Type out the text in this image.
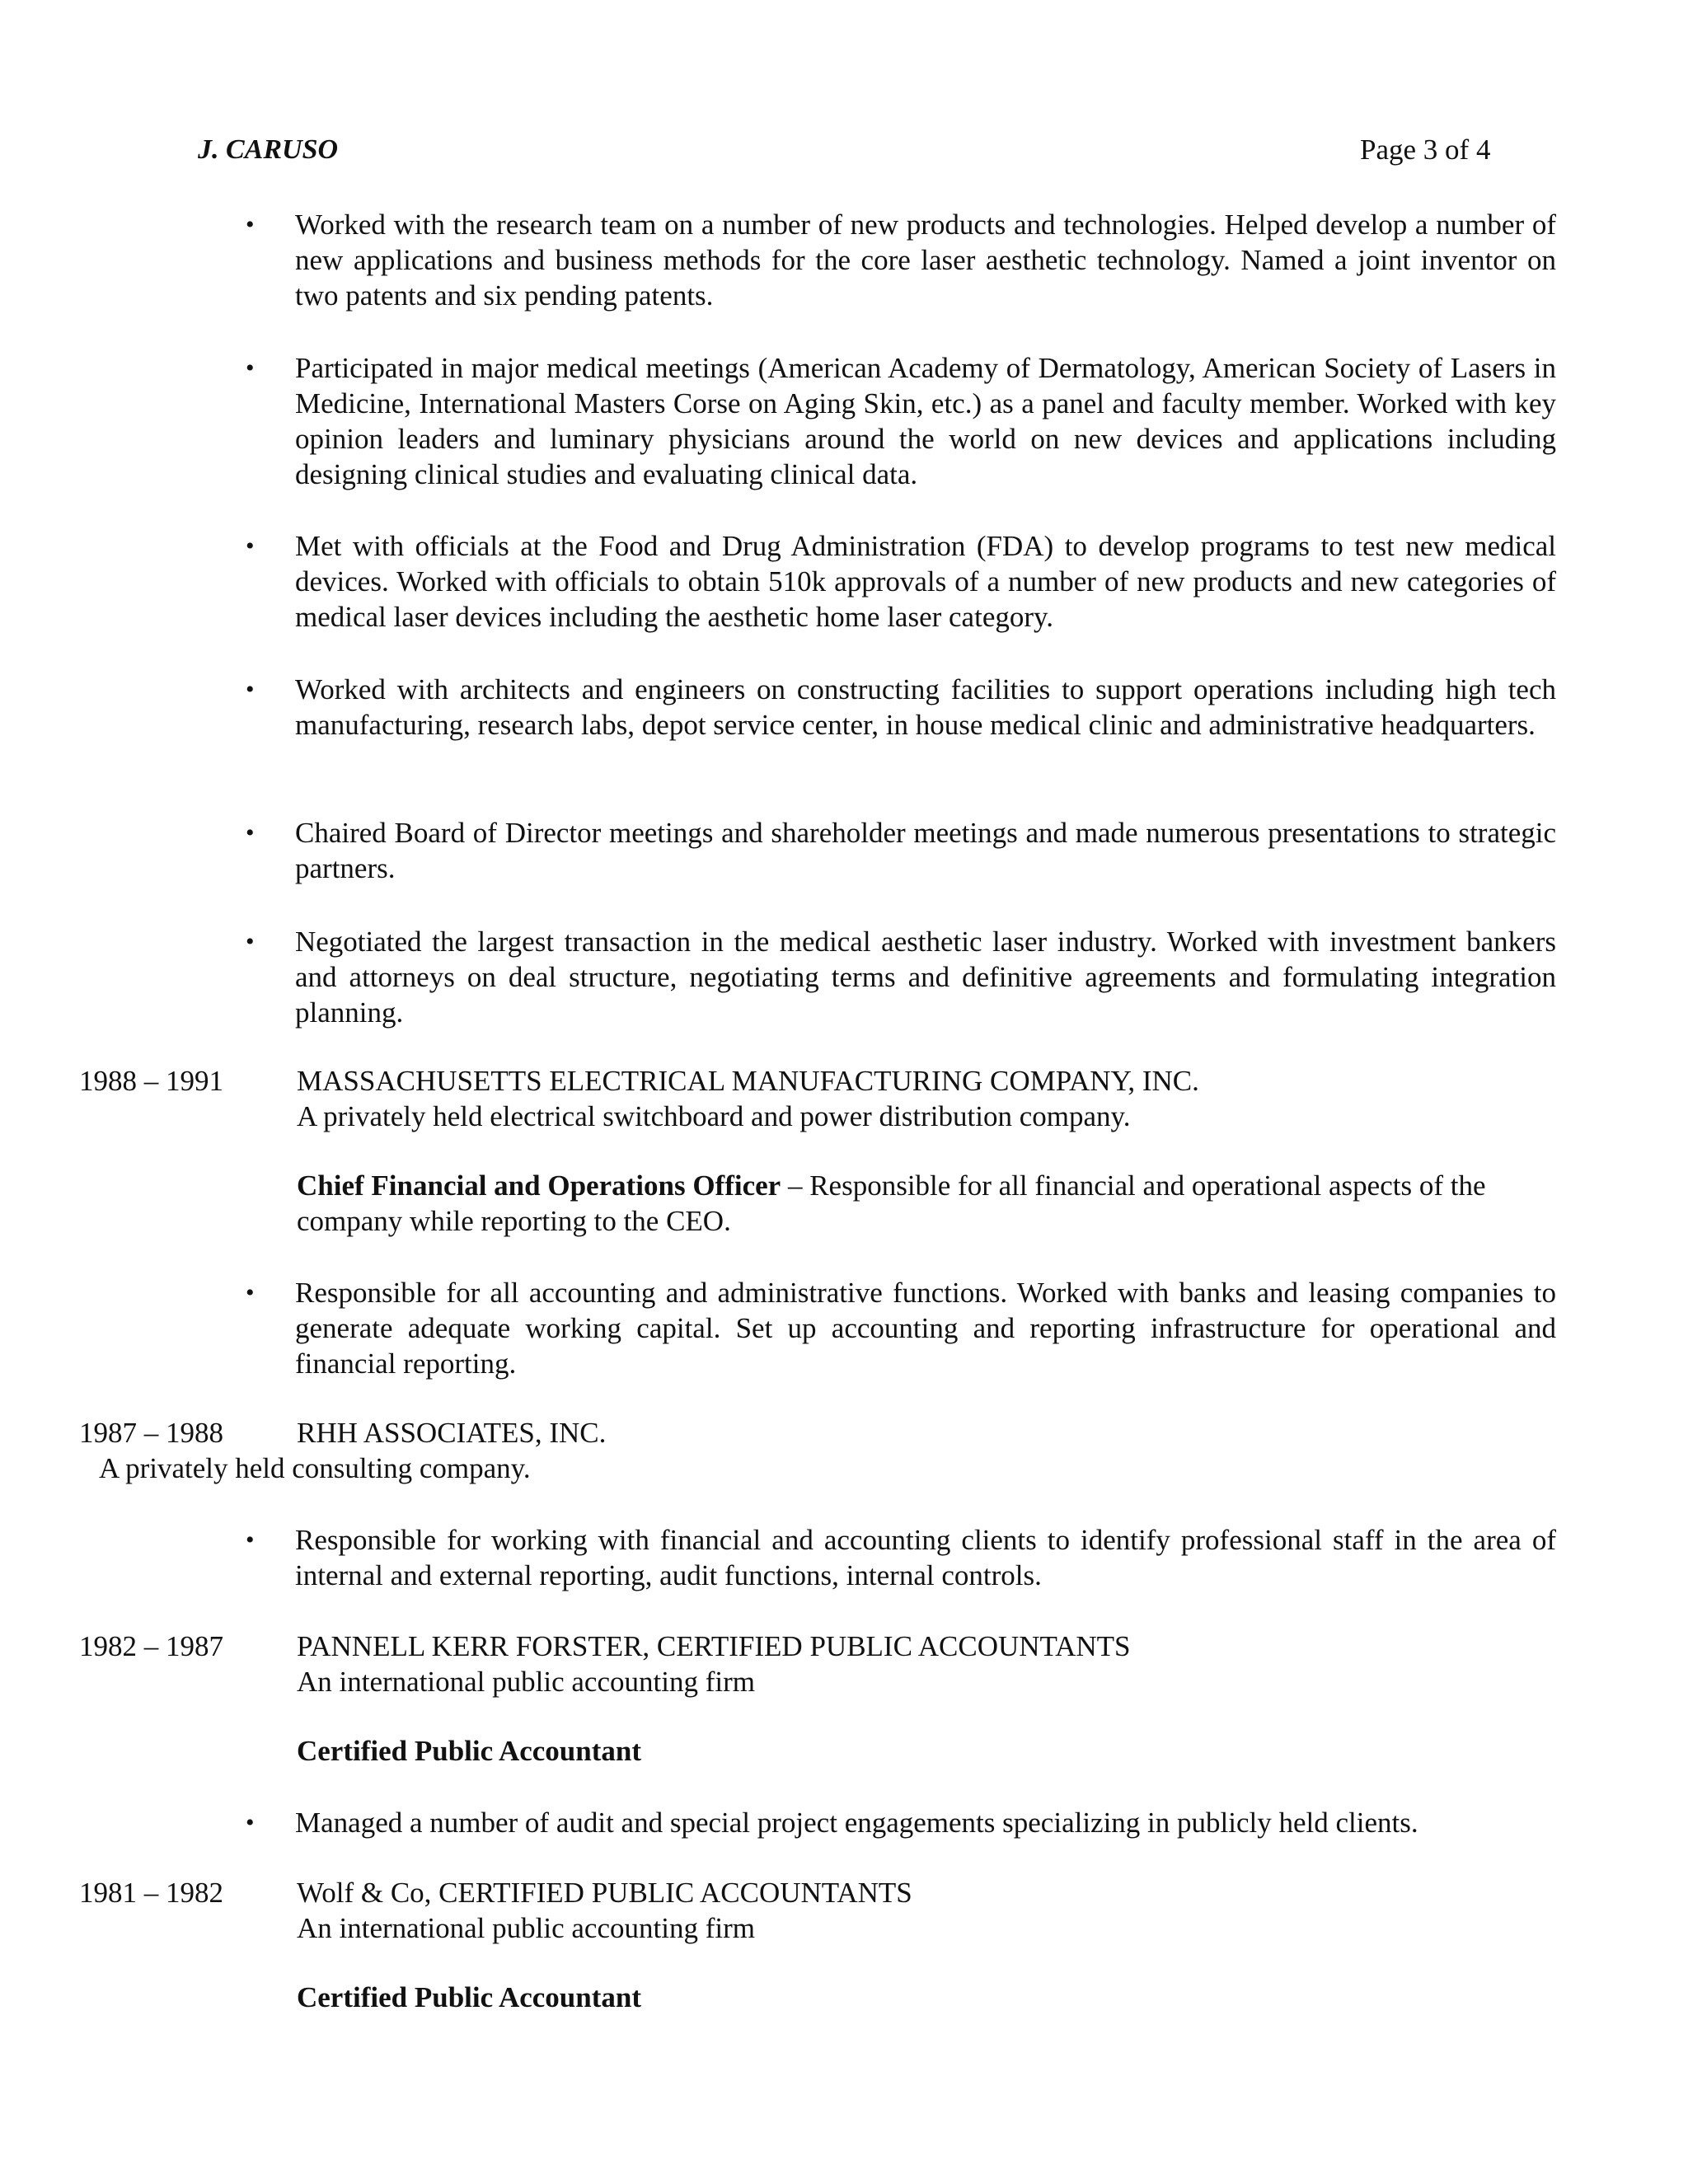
J. CARUSO	Page 3 of 4
• Worked with the research team on a number of new products and technologies. Helped develop a number of new applications and business methods for the core laser aesthetic technology. Named a joint inventor on two patents and six pending patents.
• Participated in major medical meetings (American Academy of Dermatology, American Society of Lasers in Medicine, International Masters Corse on Aging Skin, etc.) as a panel and faculty member. Worked with key opinion leaders and luminary physicians around the world on new devices and applications including designing clinical studies and evaluating clinical data.
• Met with officials at the Food and Drug Administration (FDA) to develop programs to test new medical devices. Worked with officials to obtain 510k approvals of a number of new products and new categories of medical laser devices including the aesthetic home laser category.
• Worked with architects and engineers on constructing facilities to support operations including high tech manufacturing, research labs, depot service center, in house medical clinic and administrative headquarters.
• Chaired Board of Director meetings and shareholder meetings and made numerous presentations to strategic partners.
• Negotiated the largest transaction in the medical aesthetic laser industry. Worked with investment bankers and attorneys on deal structure, negotiating terms and definitive agreements and formulating integration planning.
1988 – 1991	MASSACHUSETTS ELECTRICAL MANUFACTURING COMPANY, INC.
A privately held electrical switchboard and power distribution company.
Chief Financial and Operations Officer – Responsible for all financial and operational aspects of the company while reporting to the CEO.
• Responsible for all accounting and administrative functions. Worked with banks and leasing companies to generate adequate working capital. Set up accounting and reporting infrastructure for operational and financial reporting.
1987 – 1988	RHH ASSOCIATES, INC.
A privately held consulting company.
• Responsible for working with financial and accounting clients to identify professional staff in the area of internal and external reporting, audit functions, internal controls.
1982 – 1987	PANNELL KERR FORSTER, CERTIFIED PUBLIC ACCOUNTANTS
An international public accounting firm
Certified Public Accountant
• Managed a number of audit and special project engagements specializing in publicly held clients.
1981 – 1982	Wolf & Co, CERTIFIED PUBLIC ACCOUNTANTS
An international public accounting firm
Certified Public Accountant
